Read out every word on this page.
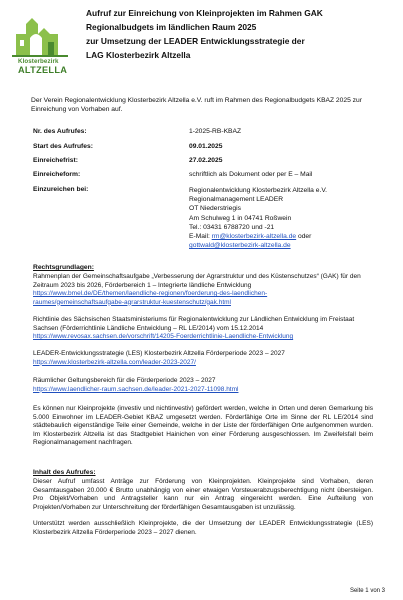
Klosterbezirk
ALTZELLA
Aufruf zur Einreichung von Kleinprojekten im Rahmen GAK
Regionalbudgets im ländlichen Raum 2025
zur Umsetzung der LEADER Entwicklungsstrategie der
LAG Klosterbezirk Altzella
Der Verein Regionalentwicklung Klosterbezirk Altzella e.V. ruft im Rahmen des Regionalbudgets KBAZ 2025 zur Einreichung von Vorhaben auf.
Nr. des Aufrufes:	1-2025-RB-KBAZ
Start des Aufrufes:	09.01.2025
Einreichefrist:	27.02.2025
Einreicheform:	schriftlich als Dokument oder per E – Mail
Einzureichen bei:	Regionalentwicklung Klosterbezirk Altzella e.V.
Regionalmanagement LEADER
OT Niederstriegis
Am Schulweg 1 in 04741 Roßwein
Tel.: 03431 6788720 und -21
E-Mail: rm@klosterbezirk-altzella.de oder
gottwald@klosterbezirk-altzella.de
Rechtsgrundlagen:
Rahmenplan der Gemeinschaftsaufgabe „Verbesserung der Agrarstruktur und des Küstenschutzes“ (GAK) für den Zeitraum 2023 bis 2026, Förderbereich 1 – Integrierte ländliche Entwicklung
https://www.bmel.de/DE/themen/laendliche-regionen/foerderung-des-laendlichen-
raumes/gemeinschaftsaufgabe-agrarstruktur-kuestenschutz/gak.html
Richtlinie des Sächsischen Staatsministeriums für Regionalentwicklung zur Ländlichen Entwicklung im Freistaat Sachsen (Förderrichtlinie Ländliche Entwicklung – RL LE/2014) vom 15.12.2014
https://www.revosax.sachsen.de/vorschrift/14205-Foerderrichtlinie-Laendliche-Entwicklung
LEADER-Entwicklungsstrategie (LES) Klosterbezirk Altzella Förderperiode 2023 – 2027
https://www.klosterbezirk-altzella.com/leader-2023-2027/
Räumlicher Geltungsbereich für die Förderperiode 2023 – 2027
https://www.laendlicher-raum.sachsen.de/leader-2021-2027-11098.html
Es können nur Kleinprojekte (investiv und nichtinvestiv) gefördert werden, welche in Orten und deren Gemarkung bis 5.000 Einwohner im LEADER-Gebiet KBAZ umgesetzt werden. Förderfähige Orte im Sinne der RL LE/2014 sind städtebaulich eigenständige Teile einer Gemeinde, welche in der Liste der förderfähigen Orte aufgenommen wurden. Im Klosterbezirk Altzella ist das Stadtgebiet Hainichen von einer Förderung ausgeschlossen. Im Zweifelsfall beim Regionalmanagement nachfragen.
Inhalt des Aufrufes:
Dieser Aufruf umfasst Anträge zur Förderung von Kleinprojekten. Kleinprojekte sind Vorhaben, deren Gesamtausgaben 20.000 € Brutto unabhängig von einer etwaigen Vorsteuerabzugsberechtigung nicht übersteigen. Pro Objekt/Vorhaben und Antragsteller kann nur ein Antrag eingereicht werden. Eine Aufteilung von Projekten/Vorhaben zur Unterschreitung der förderfähigen Gesamtausgaben ist unzulässig.
Unterstützt werden ausschließlich Kleinprojekte, die der Umsetzung der LEADER Entwicklungsstrategie (LES) Klosterbezirk Altzella Förderperiode 2023 – 2027 dienen.
Seite 1 von 3
